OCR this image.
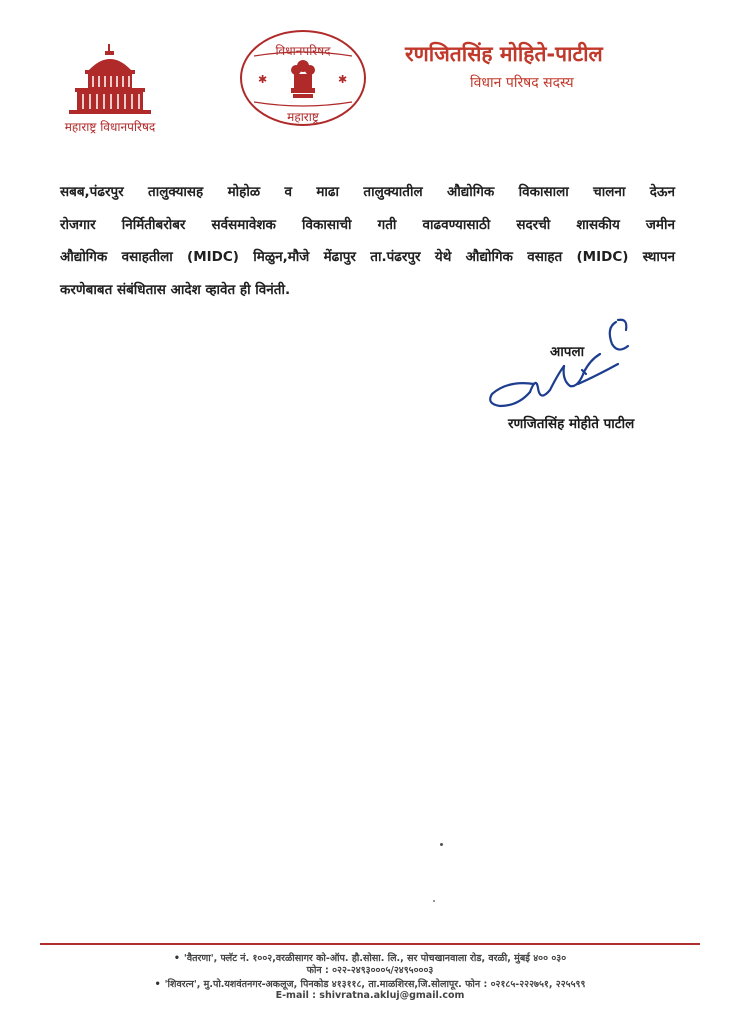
महाराष्ट्र विधानपरिषद
✱	✱
विधानपरिषद
महाराष्ट्र
रणजितसिंह मोहिते-पाटील
विधान परिषद सदस्य
सबब,पंढरपुर तालुक्यासह मोहोळ व माढा तालुक्यातील औद्योगिक विकासाला चालना देऊन
रोजगार निर्मितीबरोबर सर्वसमावेशक विकासाची गती वाढवण्यासाठी सदरची शासकीय जमीन
औद्योगिक वसाहतीला (MIDC) मिळुन,मौजे मेंढापुर ता.पंढरपुर येथे औद्योगिक वसाहत (MIDC) स्थापन
करणेबाबत संबंधितास आदेश व्हावेत ही विनंती.
आपला
रणजितसिंह मोहीते पाटील
• 'वैतरणा', फ्लॅट नं. १००२,वरळीसागर को-ऑप. हौ.सोसा. लि., सर पोचखानवाला रोड, वरळी, मुंबई ४०० ०३०
फोन : ०२२-२४९३०००५/२४९५०००३
• 'शिवरत्न', मु.पो.यशवंतनगर-अकलूज, पिनकोड ४१३११८, ता.माळशिरस,जि.सोलापूर. फोन : ०२१८५-२२२७५१, २२५५९९
E-mail : shivratna.akluj@gmail.com
